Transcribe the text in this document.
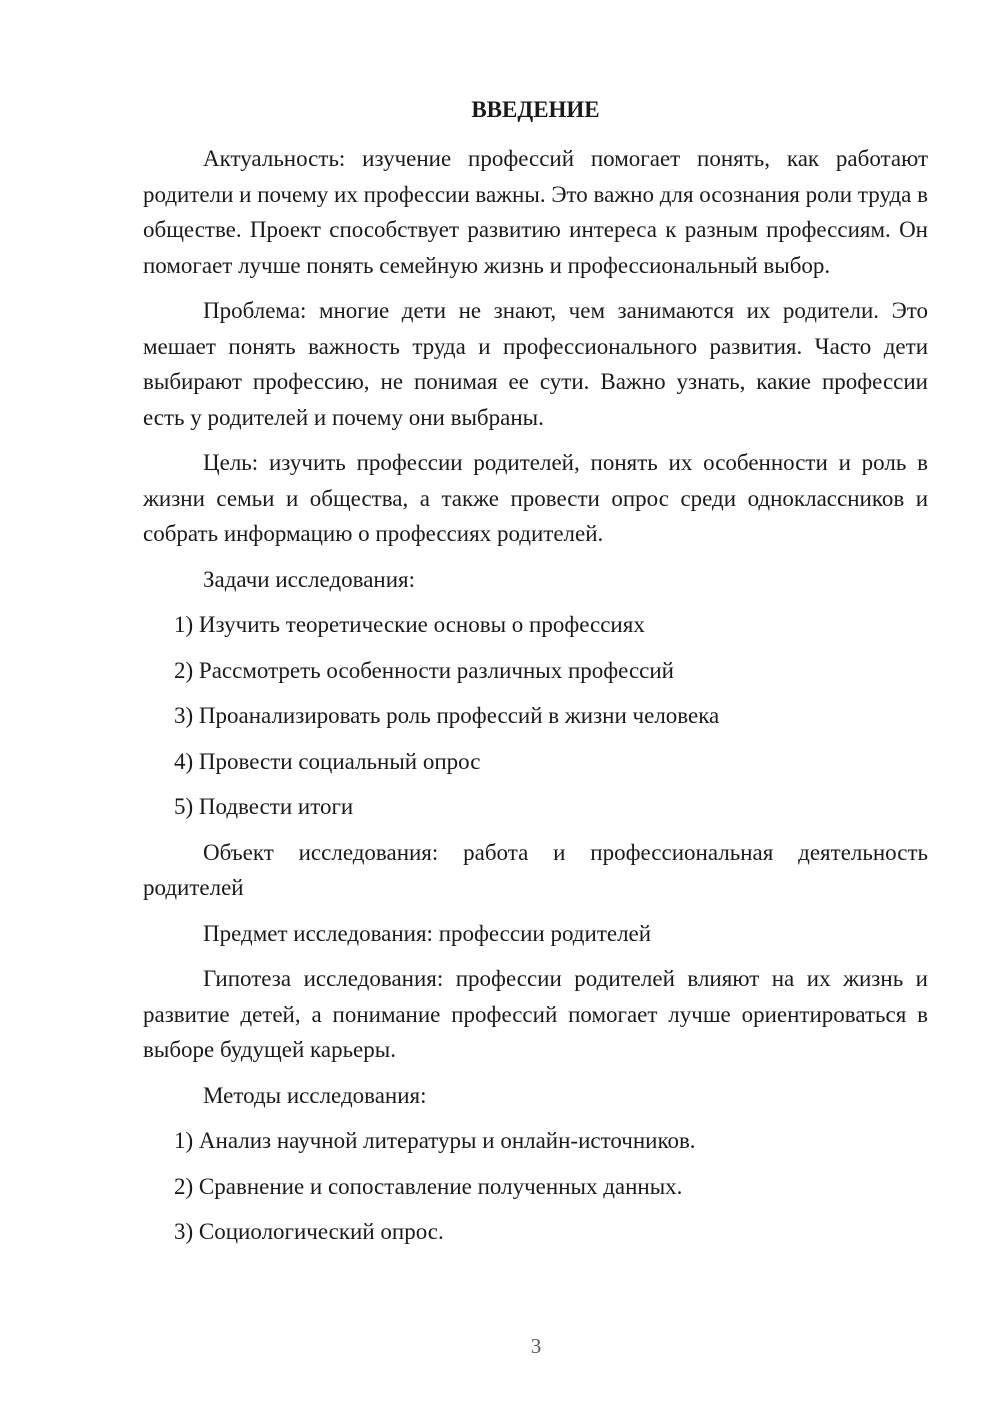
ВВЕДЕНИЕ

Актуальность: изучение профессий помогает понять, как работают родители и почему их профессии важны. Это важно для осознания роли труда в обществе. Проект способствует развитию интереса к разным профессиям. Он помогает лучше понять семейную жизнь и профессиональный выбор.

Проблема: многие дети не знают, чем занимаются их родители. Это мешает понять важность труда и профессионального развития. Часто дети выбирают профессию, не понимая ее сути. Важно узнать, какие профессии есть у родителей и почему они выбраны.

Цель: изучить профессии родителей, понять их особенности и роль в жизни семьи и общества, а также провести опрос среди одноклассников и собрать информацию о профессиях родителей.

Задачи исследования:

1) Изучить теоретические основы о профессиях

2) Рассмотреть особенности различных профессий

3) Проанализировать роль профессий в жизни человека

4) Провести социальный опрос

5) Подвести итоги

Объект исследования: работа и профессиональная деятельность родителей

Предмет исследования: профессии родителей

Гипотеза исследования: профессии родителей влияют на их жизнь и развитие детей, а понимание профессий помогает лучше ориентироваться в выборе будущей карьеры.

Методы исследования:

1) Анализ научной литературы и онлайн-источников.

2) Сравнение и сопоставление полученных данных.

3) Социологический опрос.

3
